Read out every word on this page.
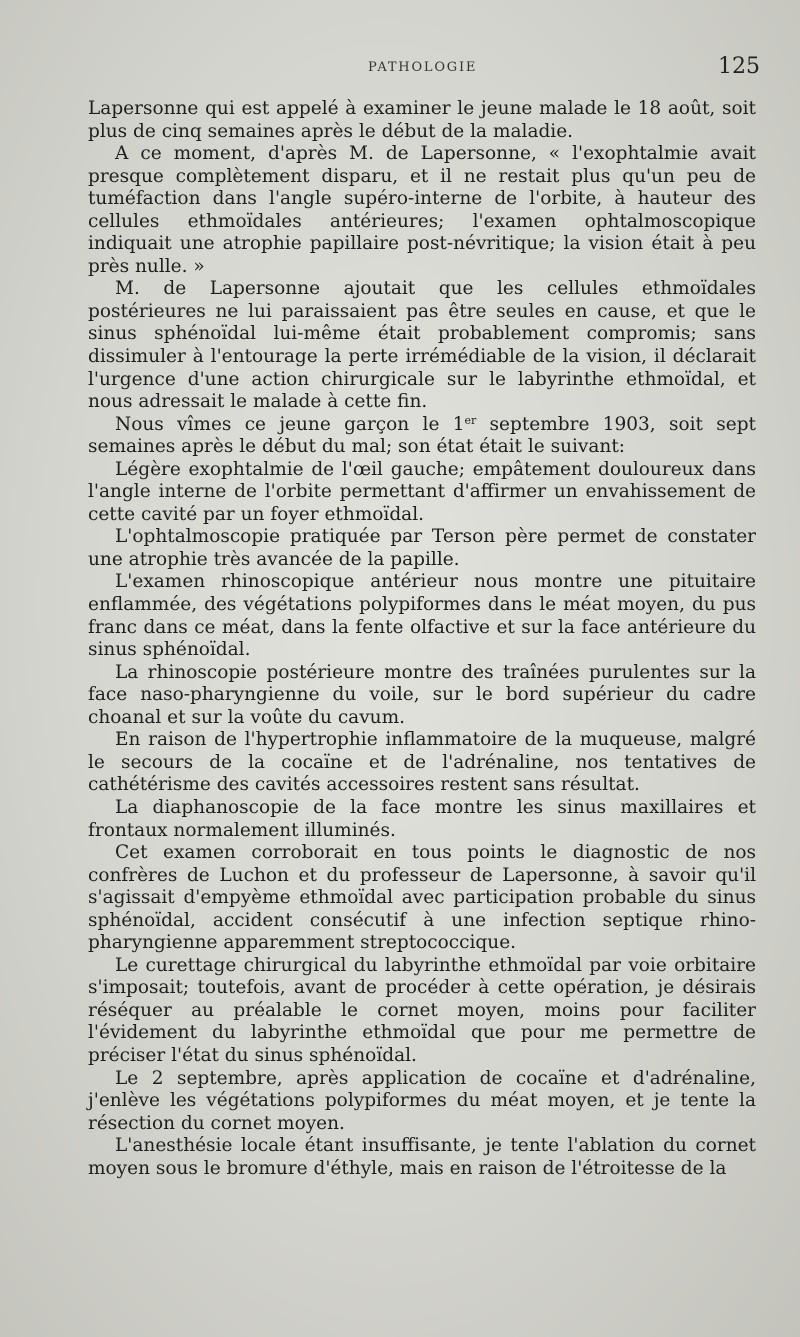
PATHOLOGIE	125

Lapersonne qui est appelé à examiner le jeune malade le 18 août, soit plus de cinq semaines après le début de la maladie.

A ce moment, d'après M. de Lapersonne, « l'exophtalmie avait presque complètement disparu, et il ne restait plus qu'un peu de tuméfaction dans l'angle supéro-interne de l'orbite, à hauteur des cellules ethmoïdales antérieures; l'examen ophtalmoscopique indiquait une atrophie papillaire post-névritique; la vision était à peu près nulle. »

M. de Lapersonne ajoutait que les cellules ethmoïdales postérieures ne lui paraissaient pas être seules en cause, et que le sinus sphénoïdal lui-même était probablement compromis; sans dissimuler à l'entourage la perte irrémédiable de la vision, il déclarait l'urgence d'une action chirurgicale sur le labyrinthe ethmoïdal, et nous adressait le malade à cette fin.

Nous vîmes ce jeune garçon le 1er septembre 1903, soit sept semaines après le début du mal; son état était le suivant:

Légère exophtalmie de l'œil gauche; empâtement douloureux dans l'angle interne de l'orbite permettant d'affirmer un envahissement de cette cavité par un foyer ethmoïdal.

L'ophtalmoscopie pratiquée par Terson père permet de constater une atrophie très avancée de la papille.

L'examen rhinoscopique antérieur nous montre une pituitaire enflammée, des végétations polypiformes dans le méat moyen, du pus franc dans ce méat, dans la fente olfactive et sur la face antérieure du sinus sphénoïdal.

La rhinoscopie postérieure montre des traînées purulentes sur la face naso-pharyngienne du voile, sur le bord supérieur du cadre choanal et sur la voûte du cavum.

En raison de l'hypertrophie inflammatoire de la muqueuse, malgré le secours de la cocaïne et de l'adrénaline, nos tentatives de cathétérisme des cavités accessoires restent sans résultat.

La diaphanoscopie de la face montre les sinus maxillaires et frontaux normalement illuminés.

Cet examen corroborait en tous points le diagnostic de nos confrères de Luchon et du professeur de Lapersonne, à savoir qu'il s'agissait d'empyème ethmoïdal avec participation probable du sinus sphénoïdal, accident consécutif à une infection septique rhino-pharyngienne apparemment streptococcique.

Le curettage chirurgical du labyrinthe ethmoïdal par voie orbitaire s'imposait; toutefois, avant de procéder à cette opération, je désirais réséquer au préalable le cornet moyen, moins pour faciliter l'évidement du labyrinthe ethmoïdal que pour me permettre de préciser l'état du sinus sphénoïdal.

Le 2 septembre, après application de cocaïne et d'adrénaline, j'enlève les végétations polypiformes du méat moyen, et je tente la résection du cornet moyen.

L'anesthésie locale étant insuffisante, je tente l'ablation du cornet moyen sous le bromure d'éthyle, mais en raison de l'étroitesse de la
